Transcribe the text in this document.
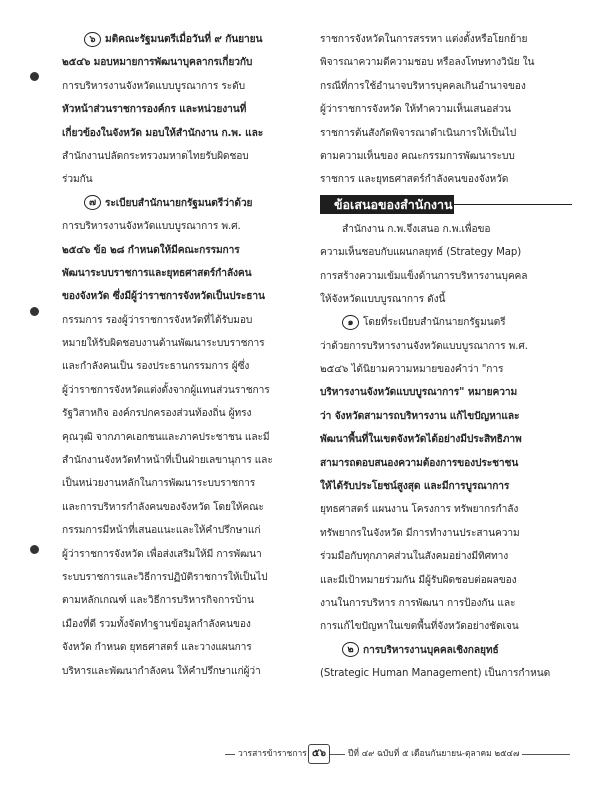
๖ มติคณะรัฐมนตรีเมื่อวันที่ ๙ กันยายน
๒๕๔๖ มอบหมายการพัฒนาบุคลากรเกี่ยวกับ
การบริหารงานจังหวัดแบบบูรณาการ ระดับ
หัวหน้าส่วนราชการองค์กร และหน่วยงานที่
เกี่ยวข้องในจังหวัด มอบให้สำนักงาน ก.พ. และ
สำนักงานปลัดกระทรวงมหาดไทยรับผิดชอบ
ร่วมกัน
๗ ระเบียบสำนักนายกรัฐมนตรีว่าด้วย
การบริหารงานจังหวัดแบบบูรณาการ พ.ศ.
๒๕๔๖ ข้อ ๒๘ กำหนดให้มีคณะกรรมการ
พัฒนาระบบราชการและยุทธศาสตร์กำลังคน
ของจังหวัด ซึ่งมีผู้ว่าราชการจังหวัดเป็นประธาน
กรรมการ รองผู้ว่าราชการจังหวัดที่ได้รับมอบ
หมายให้รับผิดชอบงานด้านพัฒนาระบบราชการ
และกำลังคนเป็น รองประธานกรรมการ ผู้ซึ่ง
ผู้ว่าราชการจังหวัดแต่งตั้งจากผู้แทนส่วนราชการ
รัฐวิสาหกิจ องค์กรปกครองส่วนท้องถิ่น ผู้ทรง
คุณวุฒิ จากภาคเอกชนและภาคประชาชน และมี
สำนักงานจังหวัดทำหน้าที่เป็นฝ่ายเลขานุการ และ
เป็นหน่วยงานหลักในการพัฒนาระบบราชการ
และการบริหารกำลังคนของจังหวัด โดยให้คณะ
กรรมการมีหน้าที่เสนอแนะและให้คำปรึกษาแก่
ผู้ว่าราชการจังหวัด เพื่อส่งเสริมให้มี การพัฒนา
ระบบราชการและวิธีการปฏิบัติราชการให้เป็นไป
ตามหลักเกณฑ์ และวิธีการบริหารกิจการบ้าน
เมืองที่ดี รวมทั้งจัดทำฐานข้อมูลกำลังคนของ
จังหวัด กำหนด ยุทธศาสตร์ และวางแผนการ
บริหารและพัฒนากำลังคน ให้คำปรึกษาแก่ผู้ว่า
ราชการจังหวัดในการสรรหา แต่งตั้งหรือโยกย้าย
พิจารณาความดีความชอบ หรือลงโทษทางวินัย ใน
กรณีที่การใช้อำนาจบริหารบุคคลเกินอำนาจของ
ผู้ว่าราชการจังหวัด ให้ทำความเห็นเสนอส่วน
ราชการต้นสังกัดพิจารณาดำเนินการให้เป็นไป
ตามความเห็นของ คณะกรรมการพัฒนาระบบ
ราชการ และยุทธศาสตร์กำลังคนของจังหวัด
ข้อเสนอของสำนักงาน ก.พ.
สำนักงาน ก.พ.จึงเสนอ ก.พ.เพื่อขอ
ความเห็นชอบกับแผนกลยุทธ์ (Strategy Map)
การสร้างความเข้มแข็งด้านการบริหารงานบุคคล
ให้จังหวัดแบบบูรณาการ ดังนี้
๑ โดยที่ระเบียบสำนักนายกรัฐมนตรี
ว่าด้วยการบริหารงานจังหวัดแบบบูรณาการ พ.ศ.
๒๕๔๖ ได้นิยามความหมายของคำว่า "การ
บริหารงานจังหวัดแบบบูรณาการ" หมายความ
ว่า จังหวัดสามารถบริหารงาน แก้ไขปัญหาและ
พัฒนาพื้นที่ในเขตจังหวัดได้อย่างมีประสิทธิภาพ
สามารถตอบสนองความต้องการของประชาชน
ให้ได้รับประโยชน์สูงสุด และมีการบูรณาการ
ยุทธศาสตร์ แผนงาน โครงการ ทรัพยากรกำลัง
ทรัพยากรในจังหวัด มีการทำงานประสานความ
ร่วมมือกับทุกภาคส่วนในสังคมอย่างมีทิศทาง
และมีเป้าหมายร่วมกัน มีผู้รับผิดชอบต่อผลของ
งานในการบริหาร การพัฒนา การป้องกัน และ
การแก้ไขปัญหาในเขตพื้นที่จังหวัดอย่างชัดเจน
๒ การบริหารงานบุคคลเชิงกลยุทธ์
(Strategic Human Management) เป็นการกำหนด
วารสารข้าราชการ ๕๖	ปีที่ ๔๙ ฉบับที่ ๕ เดือนกันยายน-ตุลาคม ๒๕๔๗
